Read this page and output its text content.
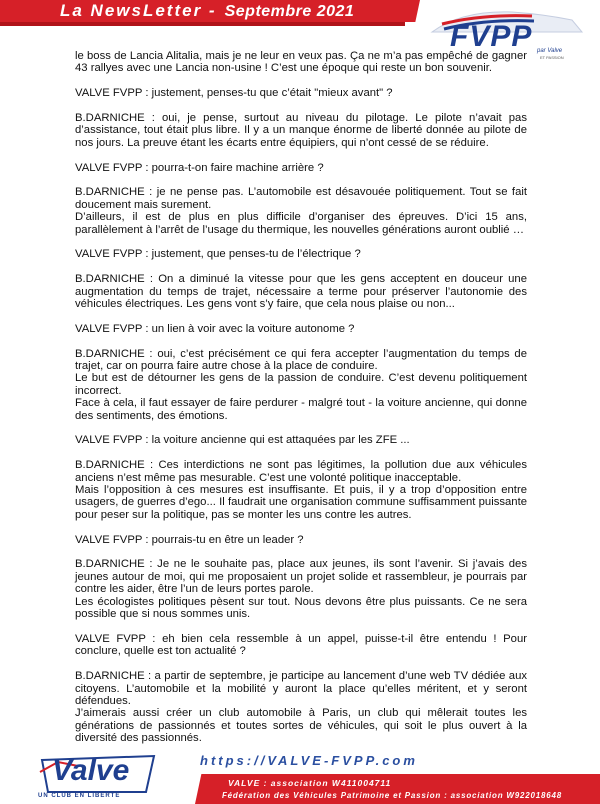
La NewsLetter - Septembre 2021
FVPP par Valve
ET PASSION

le boss de Lancia Alitalia, mais je ne leur en veux pas. Ça ne m’a pas empêché de gagner 43 rallyes avec une Lancia non-usine ! C’est une époque qui reste un bon souvenir.

VALVE FVPP : justement, penses-tu que c’était "mieux avant" ?

B.DARNICHE : oui, je pense, surtout au niveau du pilotage. Le pilote n’avait pas d’assistance, tout était plus libre. Il y a un manque énorme de liberté donnée au pilote de nos jours. La preuve étant les écarts entre équipiers, qui n’ont cessé de se réduire.

VALVE FVPP : pourra-t-on faire machine arrière ?

B.DARNICHE : je ne pense pas. L’automobile est désavouée politiquement. Tout se fait doucement mais surement.
D’ailleurs, il est de plus en plus difficile d’organiser des épreuves. D’ici 15 ans, parallèlement à l’arrêt de l’usage du thermique, les nouvelles générations auront oublié …

VALVE FVPP : justement, que penses-tu de l’électrique ?

B.DARNICHE : On a diminué la vitesse pour que les gens acceptent en douceur une augmentation du temps de trajet, nécessaire a terme pour préserver l’autonomie des véhicules électriques. Les gens vont s’y faire, que cela nous plaise ou non...

VALVE FVPP : un lien à voir avec la voiture autonome ?

B.DARNICHE : oui, c’est précisément ce qui fera accepter l’augmentation du temps de trajet, car on pourra faire autre chose à la place de conduire.
Le but est de détourner les gens de la passion de conduire. C’est devenu politiquement incorrect.
Face à cela, il faut essayer de faire perdurer - malgré tout - la voiture ancienne, qui donne des sentiments, des émotions.

VALVE FVPP : la voiture ancienne qui est attaquées par les ZFE ...

B.DARNICHE : Ces interdictions ne sont pas légitimes, la pollution due aux véhicules anciens n’est même pas mesurable. C’est une volonté politique inacceptable.
Mais l’opposition à ces mesures est insuffisante. Et puis, il y a trop d’opposition entre usagers, de guerres d’ego... Il faudrait une organisation commune suffisamment puissante pour peser sur la politique, pas se monter les uns contre les autres.

VALVE FVPP : pourrais-tu en être un leader ?

B.DARNICHE : Je ne le souhaite pas, place aux jeunes, ils sont l’avenir. Si j’avais des jeunes autour de moi, qui me proposaient un projet solide et rassembleur, je pourrais par contre les aider, être l’un de leurs portes parole.
Les écologistes politiques pèsent sur tout. Nous devons être plus puissants. Ce ne sera possible que si nous sommes unis.

VALVE FVPP : eh bien cela ressemble à un appel, puisse-t-il être entendu ! Pour conclure, quelle est ton actualité ?

B.DARNICHE : a partir de septembre, je participe au lancement d’une web TV dédiée aux citoyens. L’automobile et la mobilité y auront la place qu’elles méritent, et y seront défendues.
J’aimerais aussi créer un club automobile à Paris, un club qui mêlerait toutes les générations de passionnés et toutes sortes de véhicules, qui soit le plus ouvert à la diversité des passionnés.

Valve
UN CLUB EN LIBERTE
https://VALVE-FVPP.com
VALVE : association W411004711
Fédération des Véhicules Patrimoine et Passion : association W922018648
